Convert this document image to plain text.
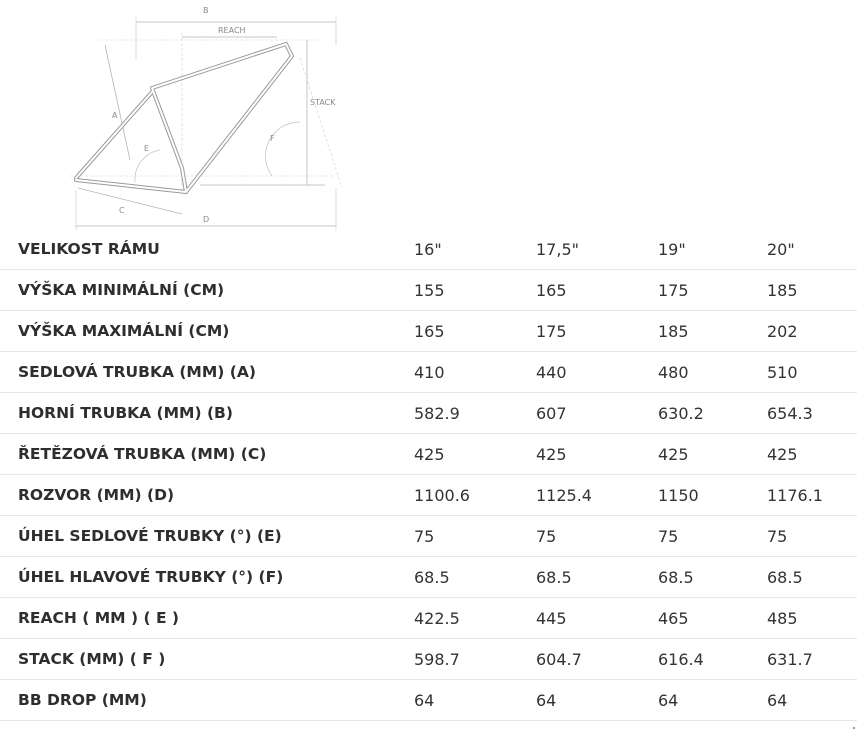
B
REACH
STACK
A
E
F
C
D
VELIKOST RÁMU	16"	17,5"	19"	20"	
VÝŠKA MINIMÁLNÍ (CM)	155	165	175	185	
VÝŠKA MAXIMÁLNÍ (CM)	165	175	185	202	
SEDLOVÁ TRUBKA (MM) (A)	410	440	480	510	
HORNÍ TRUBKA (MM) (B)	582.9	607	630.2	654.3	
ŘETĚZOVÁ TRUBKA (MM) (C)	425	425	425	425	
ROZVOR (MM) (D)	1100.6	1125.4	1150	1176.1	
ÚHEL SEDLOVÉ TRUBKY (°) (E)	75	75	75	75	
ÚHEL HLAVOVÉ TRUBKY (°) (F)	68.5	68.5	68.5	68.5	
REACH ( MM ) ( E )	422.5	445	465	485	
STACK (MM) ( F )	598.7	604.7	616.4	631.7	
BB DROP (MM)	64	64	64	64	
